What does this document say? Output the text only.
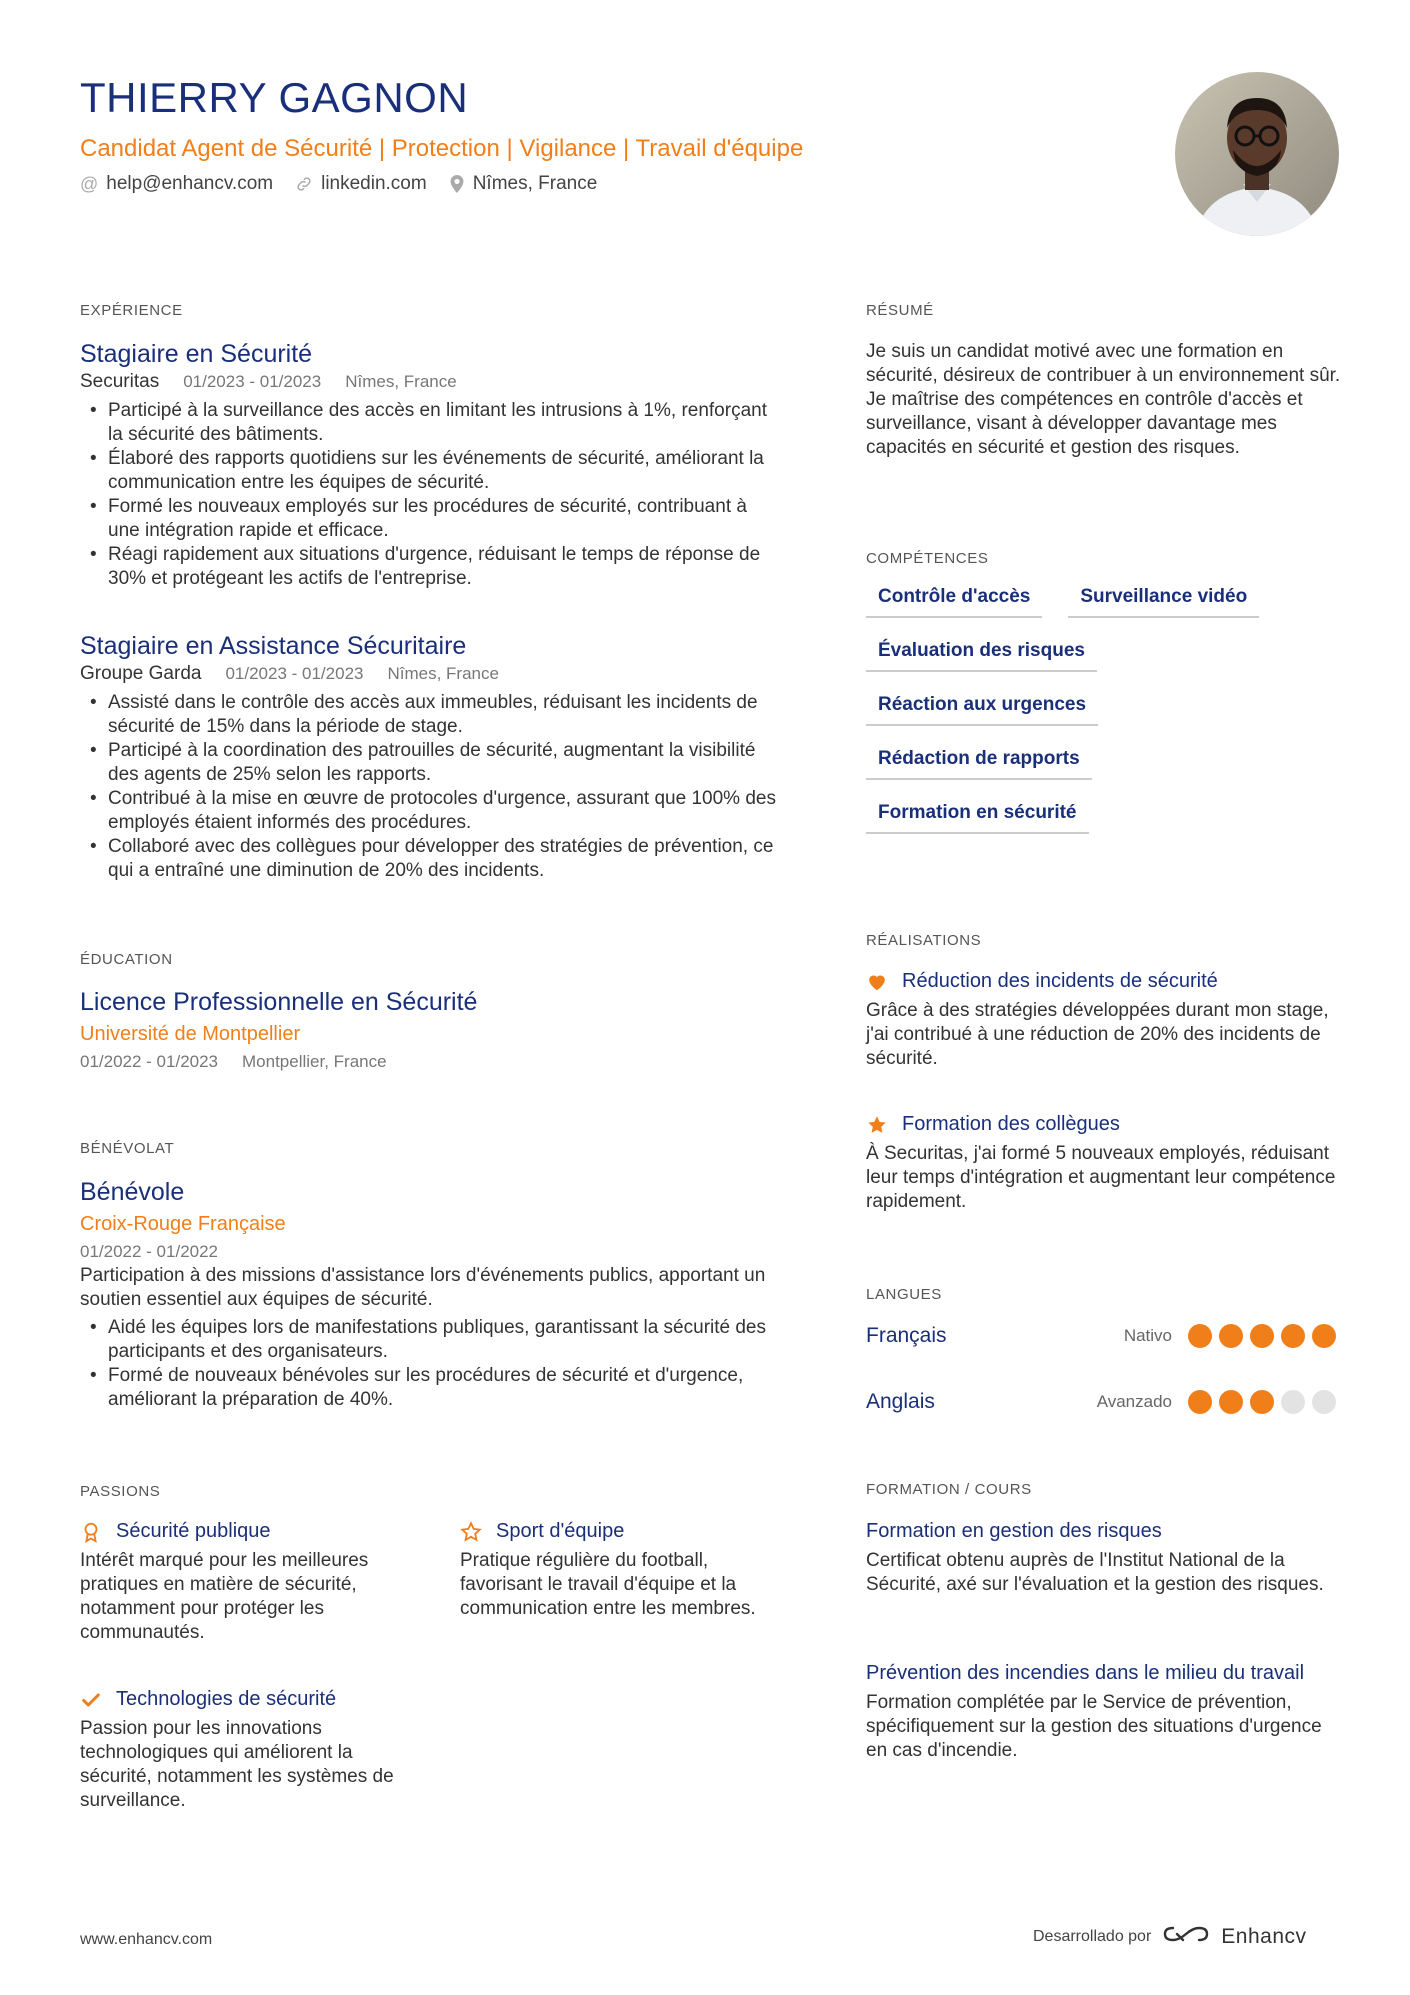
THIERRY GAGNON
Candidat Agent de Sécurité | Protection | Vigilance | Travail d'équipe
@ help@enhancv.com	linkedin.com Nîmes, France
EXPÉRIENCE
Stagiaire en Sécurité
Securitas 01/2023 - 01/2023 Nîmes, France
• Participé à la surveillance des accès en limitant les intrusions à 1%, renforçant la sécurité des bâtiments.
• Élaboré des rapports quotidiens sur les événements de sécurité, améliorant la communication entre les équipes de sécurité.
• Formé les nouveaux employés sur les procédures de sécurité, contribuant à une intégration rapide et efficace.
• Réagi rapidement aux situations d'urgence, réduisant le temps de réponse de 30% et protégeant les actifs de l'entreprise.
Stagiaire en Assistance Sécuritaire
Groupe Garda 01/2023 - 01/2023 Nîmes, France
• Assisté dans le contrôle des accès aux immeubles, réduisant les incidents de sécurité de 15% dans la période de stage.
• Participé à la coordination des patrouilles de sécurité, augmentant la visibilité des agents de 25% selon les rapports.
• Contribué à la mise en œuvre de protocoles d'urgence, assurant que 100% des employés étaient informés des procédures.
• Collaboré avec des collègues pour développer des stratégies de prévention, ce qui a entraîné une diminution de 20% des incidents.
ÉDUCATION
Licence Professionnelle en Sécurité
Université de Montpellier
01/2022 - 01/2023 Montpellier, France
BÉNÉVOLAT
Bénévole
Croix-Rouge Française
01/2022 - 01/2022
Participation à des missions d'assistance lors d'événements publics, apportant un soutien essentiel aux équipes de sécurité.
• Aidé les équipes lors de manifestations publiques, garantissant la sécurité des participants et des organisateurs.
• Formé de nouveaux bénévoles sur les procédures de sécurité et d'urgence, améliorant la préparation de 40%.
PASSIONS
Sécurité publique
Intérêt marqué pour les meilleures pratiques en matière de sécurité, notamment pour protéger les communautés.
Sport d'équipe
Pratique régulière du football, favorisant le travail d'équipe et la communication entre les membres.
Technologies de sécurité
Passion pour les innovations technologiques qui améliorent la sécurité, notamment les systèmes de surveillance.
RÉSUMÉ
Je suis un candidat motivé avec une formation en sécurité, désireux de contribuer à un environnement sûr. Je maîtrise des compétences en contrôle d'accès et surveillance, visant à développer davantage mes capacités en sécurité et gestion des risques.
COMPÉTENCES
Contrôle d'accès	Surveillance vidéo
Évaluation des risques
Réaction aux urgences
Rédaction de rapports
Formation en sécurité
RÉALISATIONS
Réduction des incidents de sécurité
Grâce à des stratégies développées durant mon stage, j'ai contribué à une réduction de 20% des incidents de sécurité.
Formation des collègues
À Securitas, j'ai formé 5 nouveaux employés, réduisant leur temps d'intégration et augmentant leur compétence rapidement.
LANGUES
Français	Nativo
Anglais	Avanzado
FORMATION / COURS
Formation en gestion des risques
Certificat obtenu auprès de l'Institut National de la Sécurité, axé sur l'évaluation et la gestion des risques.
Prévention des incendies dans le milieu du travail
Formation complétée par le Service de prévention, spécifiquement sur la gestion des situations d'urgence en cas d'incendie.
www.enhancv.com	Desarrollado por	Enhancv
